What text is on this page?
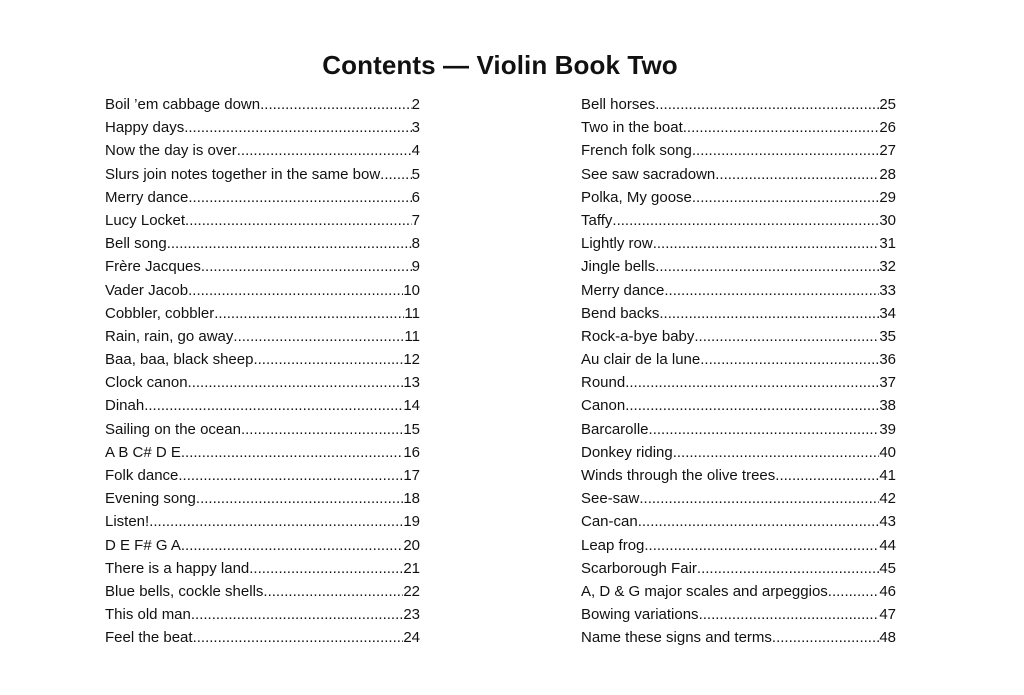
Contents — Violin Book Two
Boil ’em cabbage down .....	2
Happy days .....	3
Now the day is over .....	4
Slurs join notes together in the same bow ..... 5
Merry dance .....	6
Lucy Locket .....	7
Bell song .....	8
Frère Jacques .....	9
Vader Jacob .....	10
Cobbler, cobbler .....	11
Rain, rain, go away .....	11
Baa, baa, black sheep .....	12
Clock canon .....	13
Dinah .....	14
Sailing on the ocean .....	15
A B C# D E .....	16
Folk dance .....	17
Evening song .....	18
Listen! .....	19
D E F# G A .....	20
There is a happy land .....	21
Blue bells, cockle shells .....	22
This old man .....	23
Feel the beat .....	24
Bell horses .....	25
Two in the boat .....	26
French folk song .....	27
See saw sacradown .....	28
Polka, My goose .....	29
Taffy .....	30
Lightly row .....	31
Jingle bells .....	32
Merry dance .....	33
Bend backs .....	34
Rock-a-bye baby .....	35
Au clair de la lune .....	36
Round .....	37
Canon .....	38
Barcarolle .....	39
Donkey riding .....	40
Winds through the olive trees .....	41
See-saw .....	42
Can-can .....	43
Leap frog .....	44
Scarborough Fair .....	45
A, D & G major scales and arpeggios .....	46
Bowing variations .....	47
Name these signs and terms .....	48
